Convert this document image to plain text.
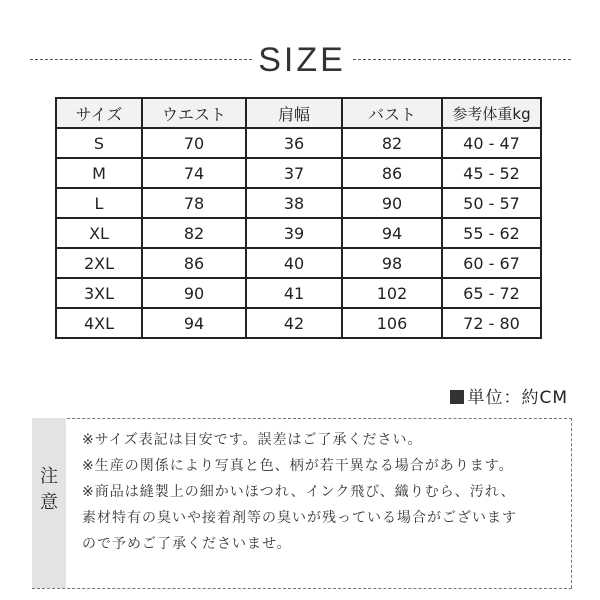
SIZE
サイズ	ウエスト	肩幅	バスト	参考体重kg
S	70	36	82	40 - 47
M	74	37	86	45 - 52
L	78	38	90	50 - 57
XL	82	39	94	55 - 62
2XL	86	40	98	60 - 67
3XL	90	41	102	65 - 72
4XL	94	42	106	72 - 80
単位：約CM
注
意
※サイズ表記は目安です。誤差はご了承ください。
※生産の関係により写真と色、柄が若干異なる場合があります。
※商品は縫製上の細かいほつれ、インク飛び、織りむら、汚れ、
素材特有の臭いや接着剤等の臭いが残っている場合がございます
ので予めご了承くださいませ。
